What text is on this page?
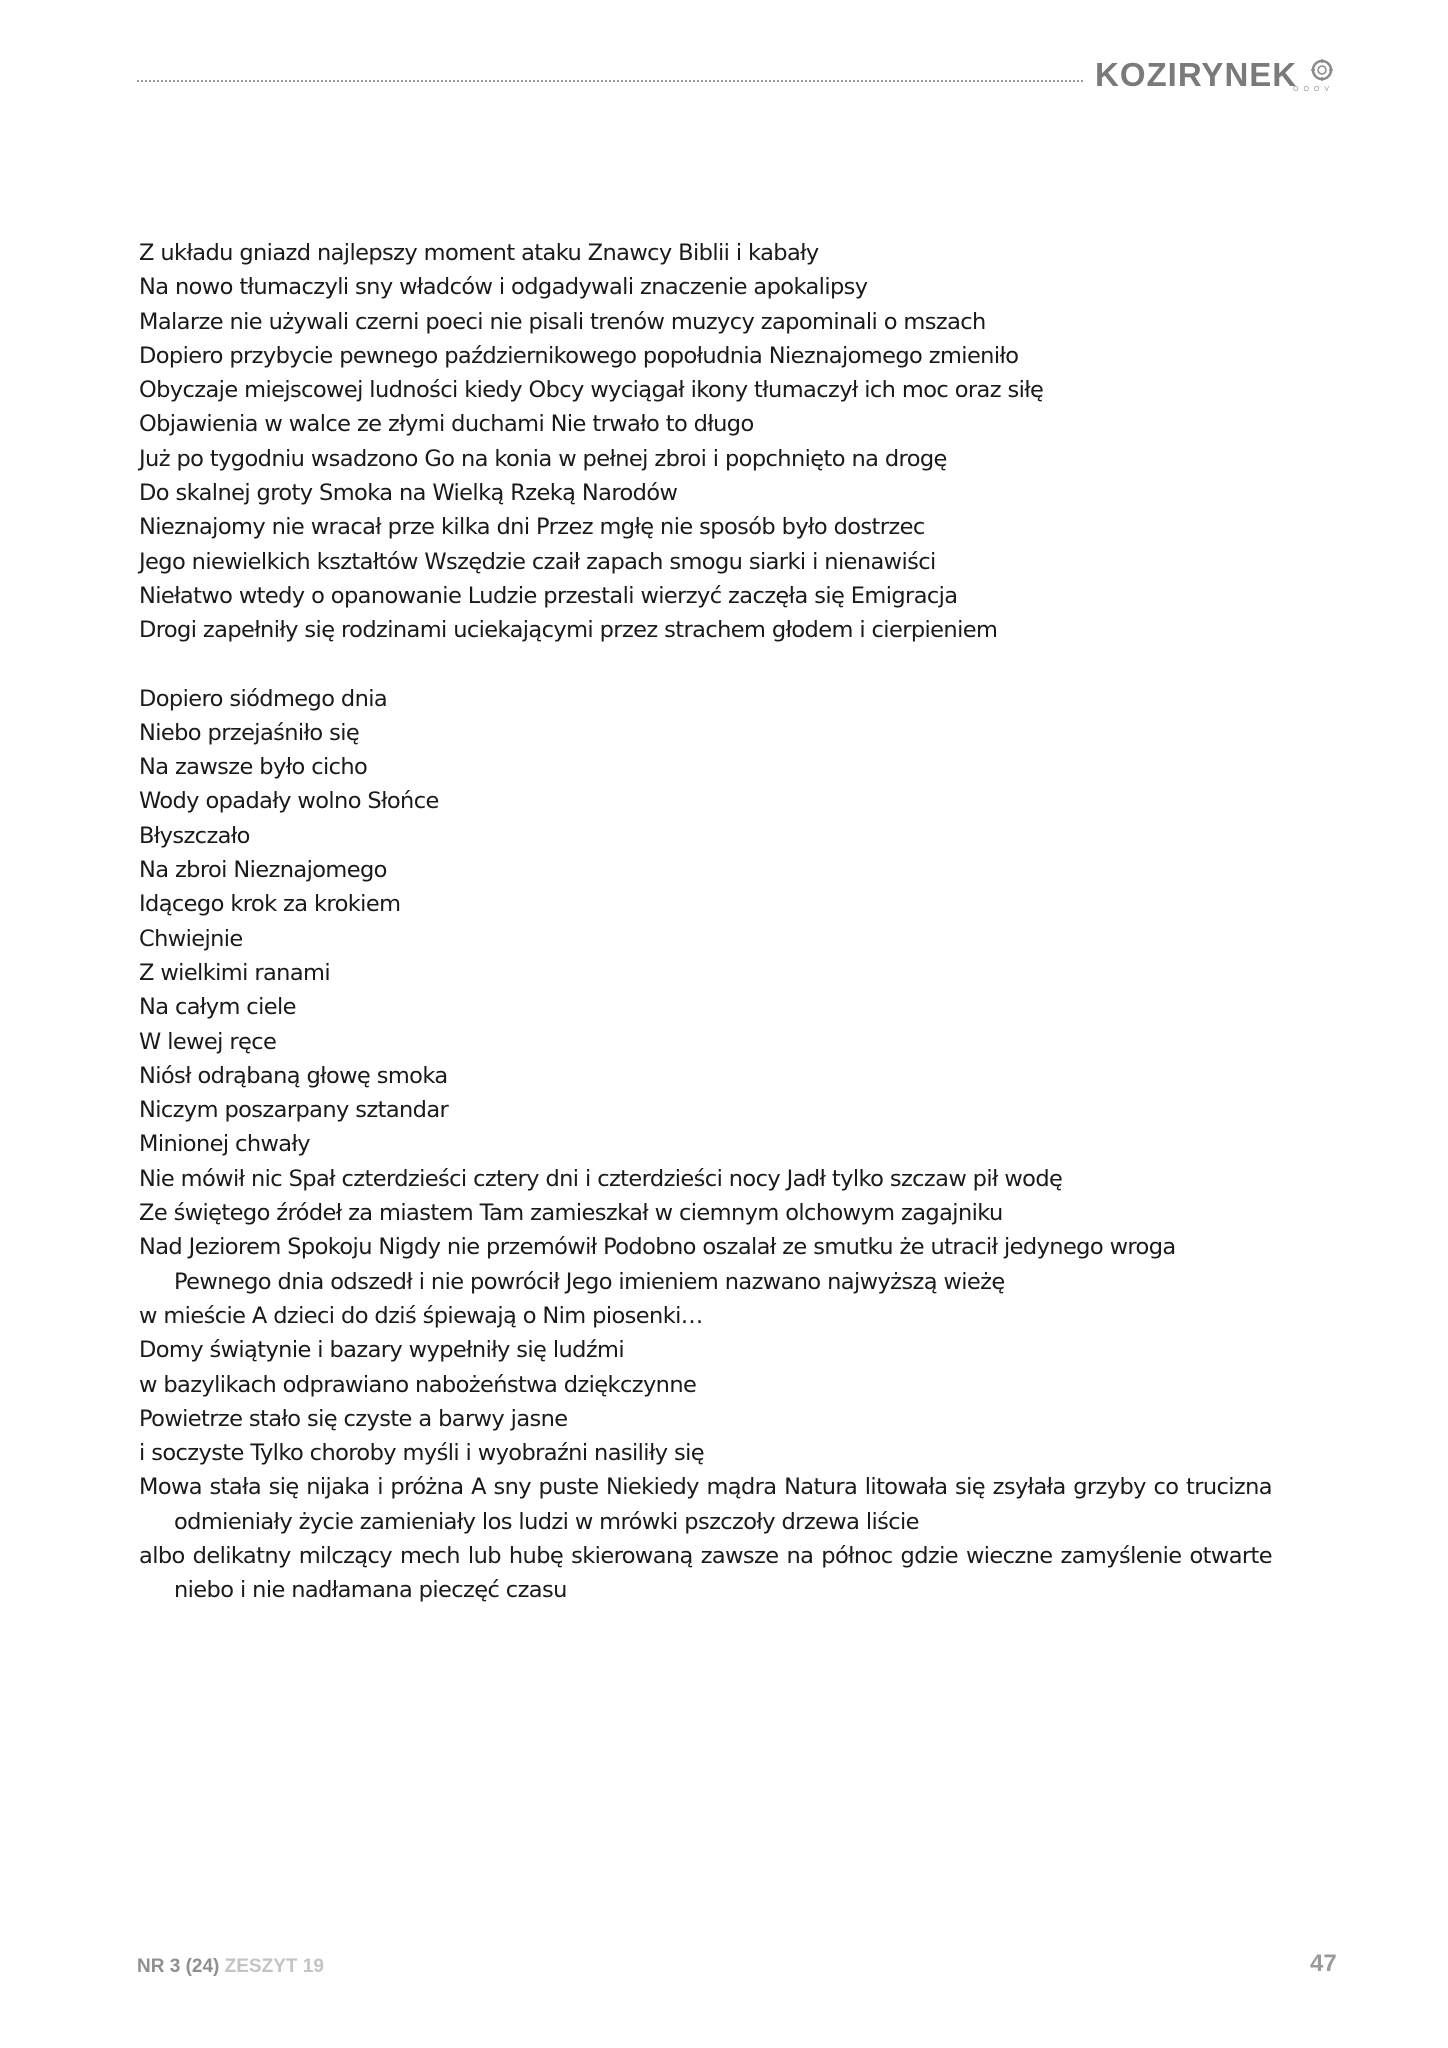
KOZIRYNEK
OOOV
Z układu gniazd najlepszy moment ataku Znawcy Biblii i kabały
Na nowo tłumaczyli sny władców i odgadywali znaczenie apokalipsy
Malarze nie używali czerni poeci nie pisali trenów muzycy zapominali o mszach
Dopiero przybycie pewnego październikowego popołudnia Nieznajomego zmieniło
Obyczaje miejscowej ludności kiedy Obcy wyciągał ikony tłumaczył ich moc oraz siłę
Objawienia w walce ze złymi duchami Nie trwało to długo
Już po tygodniu wsadzono Go na konia w pełnej zbroi i popchnięto na drogę
Do skalnej groty Smoka na Wielką Rzeką Narodów
Nieznajomy nie wracał prze kilka dni Przez mgłę nie sposób było dostrzec
Jego niewielkich kształtów Wszędzie czaił zapach smogu siarki i nienawiści
Niełatwo wtedy o opanowanie Ludzie przestali wierzyć zaczęła się Emigracja
Drogi zapełniły się rodzinami uciekającymi przez strachem głodem i cierpieniem
Dopiero siódmego dnia
Niebo przejaśniło się
Na zawsze było cicho
Wody opadały wolno Słońce
Błyszczało
Na zbroi Nieznajomego
Idącego krok za krokiem
Chwiejnie
Z wielkimi ranami
Na całym ciele
W lewej ręce
Niósł odrąbaną głowę smoka
Niczym poszarpany sztandar
Minionej chwały
Nie mówił nic Spał czterdzieści cztery dni i czterdzieści nocy Jadł tylko szczaw pił wodę
Ze świętego źródeł za miastem Tam zamieszkał w ciemnym olchowym zagajniku
Nad Jeziorem Spokoju Nigdy nie przemówił Podobno oszalał ze smutku że utracił jedynego wroga
Pewnego dnia odszedł i nie powrócił Jego imieniem nazwano najwyższą wieżę
w mieście A dzieci do dziś śpiewają o Nim piosenki…
Domy świątynie i bazary wypełniły się ludźmi
w bazylikach odprawiano nabożeństwa dziękczynne
Powietrze stało się czyste a barwy jasne
i soczyste Tylko choroby myśli i wyobraźni nasiliły się
Mowa stała się nijaka i próżna A sny puste Niekiedy mądra Natura litowała się zsyłała grzyby co trucizna odmieniały życie zamieniały los ludzi w mrówki pszczoły drzewa liście
albo delikatny milczący mech lub hubę skierowaną zawsze na północ gdzie wieczne zamyślenie otwarte niebo i nie nadłamana pieczęć czasu
NR 3 (24) ZESZYT 19	47
